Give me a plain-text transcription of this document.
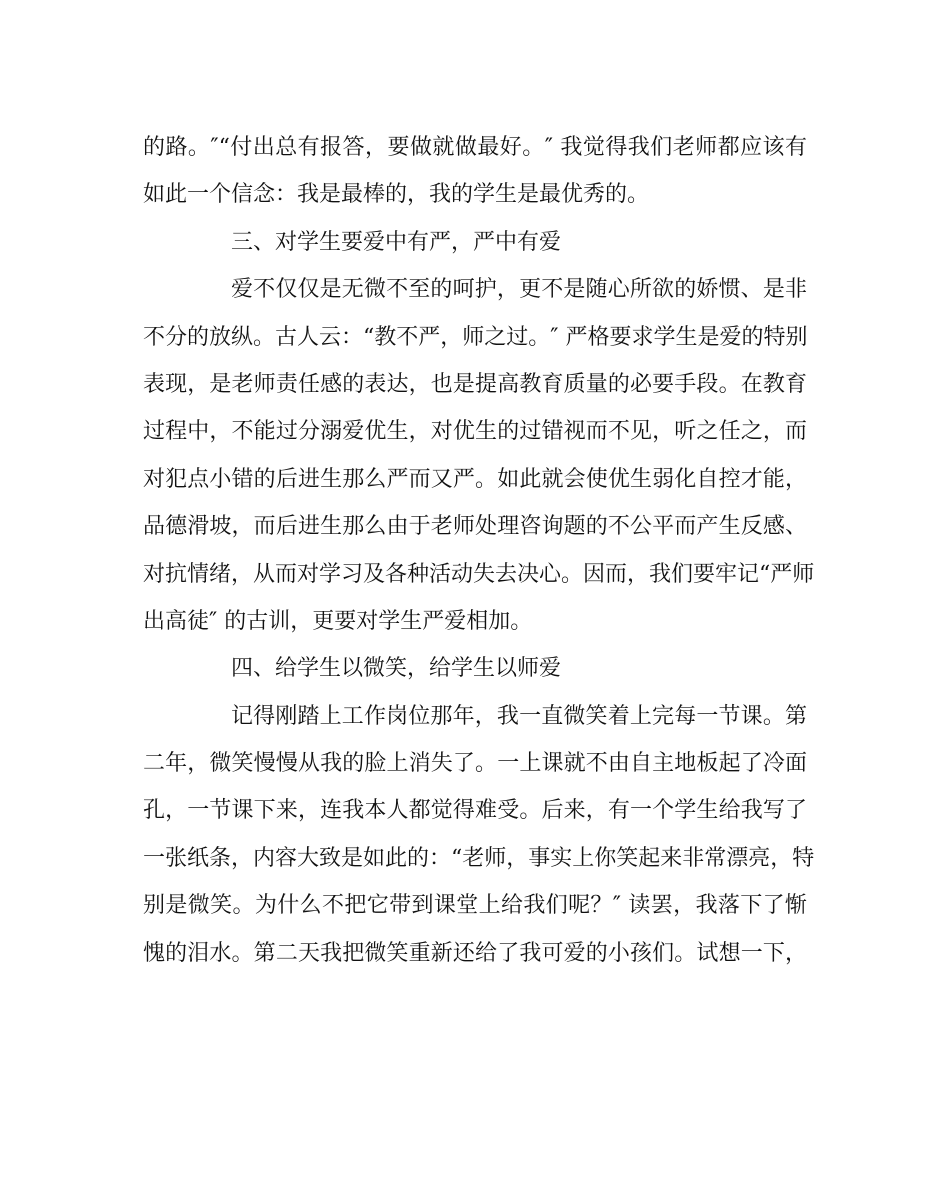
的路。″“付出总有报答，要做就做最好。″ 我觉得我们老师都应该有
如此一个信念：我是最棒的，我的学生是最优秀的。
三、对学生要爱中有严，严中有爱
爱不仅仅是无微不至的呵护，更不是随心所欲的娇惯、是非
不分的放纵。古人云：“教不严，师之过。″ 严格要求学生是爱的特别
表现，是老师责任感的表达，也是提高教育质量的必要手段。在教育
过程中，不能过分溺爱优生，对优生的过错视而不见，听之任之，而
对犯点小错的后进生那么严而又严。如此就会使优生弱化自控才能，
品德滑坡，而后进生那么由于老师处理咨询题的不公平而产生反感、
对抗情绪，从而对学习及各种活动失去决心。因而，我们要牢记“严师
出高徒″ 的古训，更要对学生严爱相加。
四、给学生以微笑，给学生以师爱
记得刚踏上工作岗位那年，我一直微笑着上完每一节课。第
二年，微笑慢慢从我的脸上消失了。一上课就不由自主地板起了冷面
孔，一节课下来，连我本人都觉得难受。后来，有一个学生给我写了
一张纸条，内容大致是如此的：“老师，事实上你笑起来非常漂亮，特
别是微笑。为什么不把它带到课堂上给我们呢？″ 读罢，我落下了惭
愧的泪水。第二天我把微笑重新还给了我可爱的小孩们。试想一下，
